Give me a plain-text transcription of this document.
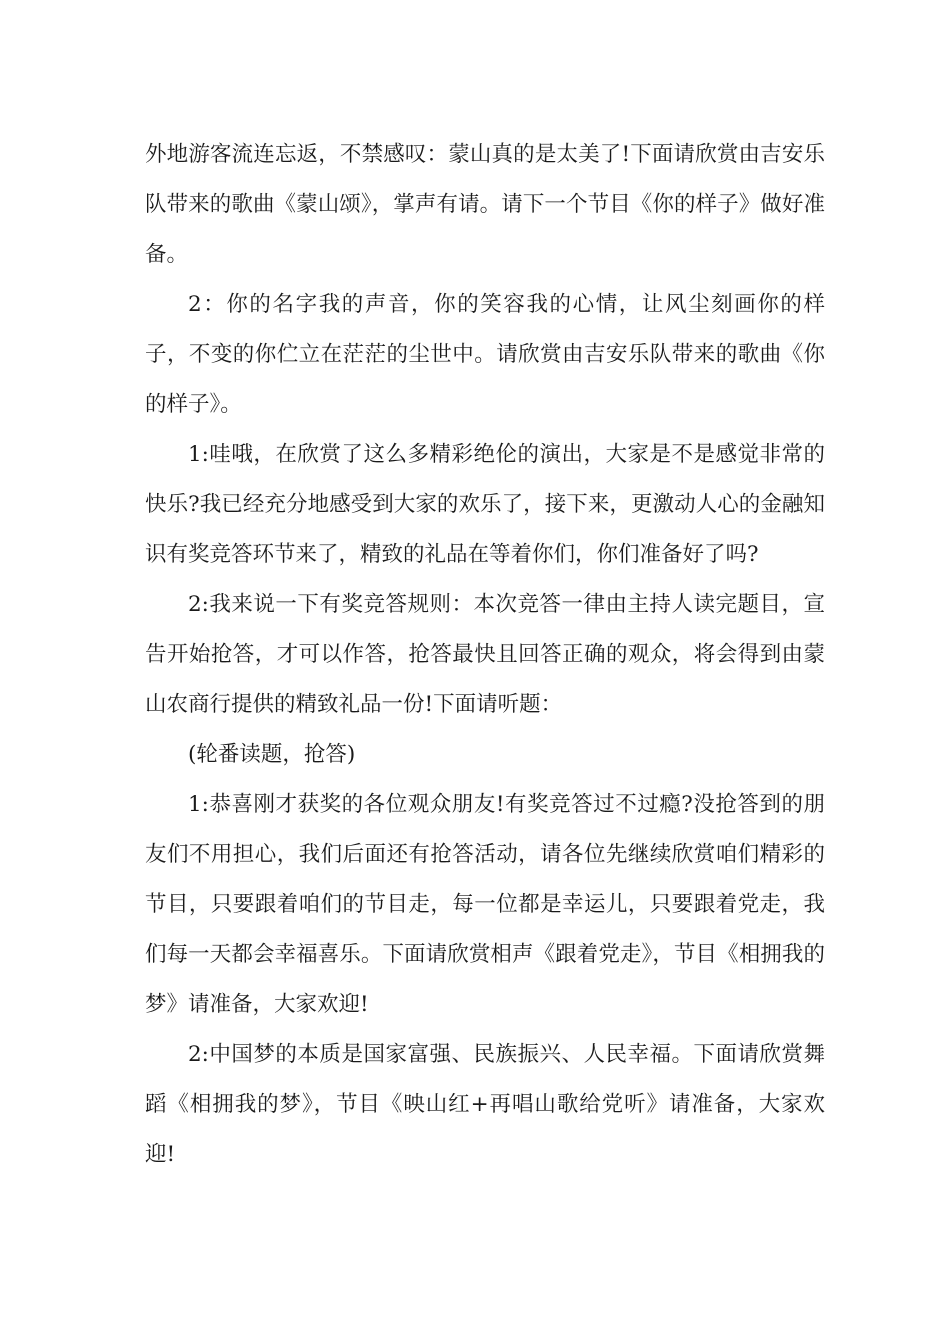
外地游客流连忘返，不禁感叹：蒙山真的是太美了!下面请欣赏由吉安乐队带来的歌曲《蒙山颂》，掌声有请。请下一个节目《你的样子》做好准备。

2：你的名字我的声音，你的笑容我的心情，让风尘刻画你的样子，不变的你伫立在茫茫的尘世中。请欣赏由吉安乐队带来的歌曲《你的样子》。

1:哇哦，在欣赏了这么多精彩绝伦的演出，大家是不是感觉非常的快乐?我已经充分地感受到大家的欢乐了，接下来，更激动人心的金融知识有奖竞答环节来了，精致的礼品在等着你们，你们准备好了吗?

2:我来说一下有奖竞答规则：本次竞答一律由主持人读完题目，宣告开始抢答，才可以作答，抢答最快且回答正确的观众，将会得到由蒙山农商行提供的精致礼品一份!下面请听题：

(轮番读题，抢答)

1:恭喜刚才获奖的各位观众朋友!有奖竞答过不过瘾?没抢答到的朋友们不用担心，我们后面还有抢答活动，请各位先继续欣赏咱们精彩的节目，只要跟着咱们的节目走，每一位都是幸运儿，只要跟着党走，我们每一天都会幸福喜乐。下面请欣赏相声《跟着党走》，节目《相拥我的梦》请准备，大家欢迎!

2:中国梦的本质是国家富强、民族振兴、人民幸福。下面请欣赏舞蹈《相拥我的梦》，节目《映山红+再唱山歌给党听》请准备，大家欢迎!
